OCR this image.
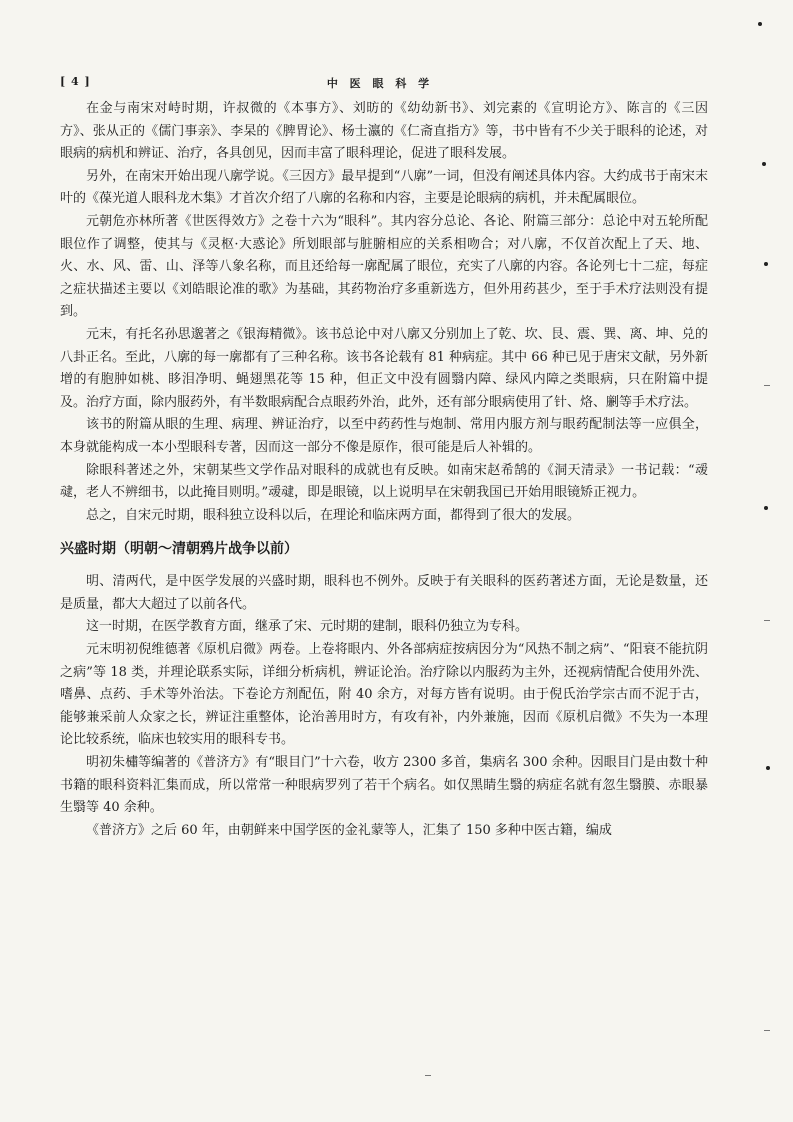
[ 4 ]	中 医 眼 科 学

在金与南宋对峙时期，许叔微的《本事方》、刘昉的《幼幼新书》、刘完素的《宣明论方》、陈言的《三因方》、张从正的《儒门事亲》、李杲的《脾胃论》、杨士瀛的《仁斋直指方》等，书中皆有不少关于眼科的论述，对眼病的病机和辨证、治疗，各具创见，因而丰富了眼科理论，促进了眼科发展。

另外，在南宋开始出现八廓学说。《三因方》最早提到“八廓”一词，但没有阐述具体内容。大约成书于南宋末叶的《葆光道人眼科龙木集》才首次介绍了八廓的名称和内容，主要是论眼病的病机，并未配属眼位。

元朝危亦林所著《世医得效方》之卷十六为“眼科”。其内容分总论、各论、附篇三部分：总论中对五轮所配眼位作了调整，使其与《灵枢·大惑论》所划眼部与脏腑相应的关系相吻合；对八廓，不仅首次配上了天、地、火、水、风、雷、山、泽等八象名称，而且还给每一廓配属了眼位，充实了八廓的内容。各论列七十二症，每症之症状描述主要以《刘皓眼论准的歌》为基础，其药物治疗多重新选方，但外用药甚少，至于手术疗法则没有提到。

元末，有托名孙思邈著之《银海精微》。该书总论中对八廓又分别加上了乾、坎、艮、震、巽、离、坤、兑的八卦正名。至此，八廓的每一廓都有了三种名称。该书各论载有 81 种病症。其中 66 种已见于唐宋文献，另外新增的有胞肿如桃、眵泪净明、蝇翅黑花等 15 种，但正文中没有圆翳内障、绿风内障之类眼病，只在附篇中提及。治疗方面，除内服药外，有半数眼病配合点眼药外治，此外，还有部分眼病使用了针、烙、劆等手术疗法。

该书的附篇从眼的生理、病理、辨证治疗，以至中药药性与炮制、常用内服方剂与眼药配制法等一应俱全，本身就能构成一本小型眼科专著，因而这一部分不像是原作，很可能是后人补辑的。

除眼科著述之外，宋朝某些文学作品对眼科的成就也有反映。如南宋赵希鹄的《洞天清录》一书记载：“叆叇，老人不辨细书，以此掩目则明。”叆叇，即是眼镜，以上说明早在宋朝我国已开始用眼镜矫正视力。

总之，自宋元时期，眼科独立设科以后，在理论和临床两方面，都得到了很大的发展。

兴盛时期（明朝～清朝鸦片战争以前）

明、清两代，是中医学发展的兴盛时期，眼科也不例外。反映于有关眼科的医药著述方面，无论是数量，还是质量，都大大超过了以前各代。

这一时期，在医学教育方面，继承了宋、元时期的建制，眼科仍独立为专科。

元末明初倪维德著《原机启微》两卷。上卷将眼内、外各部病症按病因分为“风热不制之病”、“阳衰不能抗阴之病”等 18 类，并理论联系实际，详细分析病机，辨证论治。治疗除以内服药为主外，还视病情配合使用外洗、嗜鼻、点药、手术等外治法。下卷论方剂配伍，附 40 余方，对每方皆有说明。由于倪氏治学宗古而不泥于古，能够兼采前人众家之长，辨证注重整体，论治善用时方，有攻有补，内外兼施，因而《原机启微》不失为一本理论比较系统，临床也较实用的眼科专书。

明初朱橚等编著的《普济方》有“眼目门”十六卷，收方 2300 多首，集病名 300 余种。因眼目门是由数十种书籍的眼科资料汇集而成，所以常常一种眼病罗列了若干个病名。如仅黑睛生翳的病症名就有忽生翳膜、赤眼暴生翳等 40 余种。

《普济方》之后 60 年，由朝鲜来中国学医的金礼蒙等人，汇集了 150 多种中医古籍，编成
